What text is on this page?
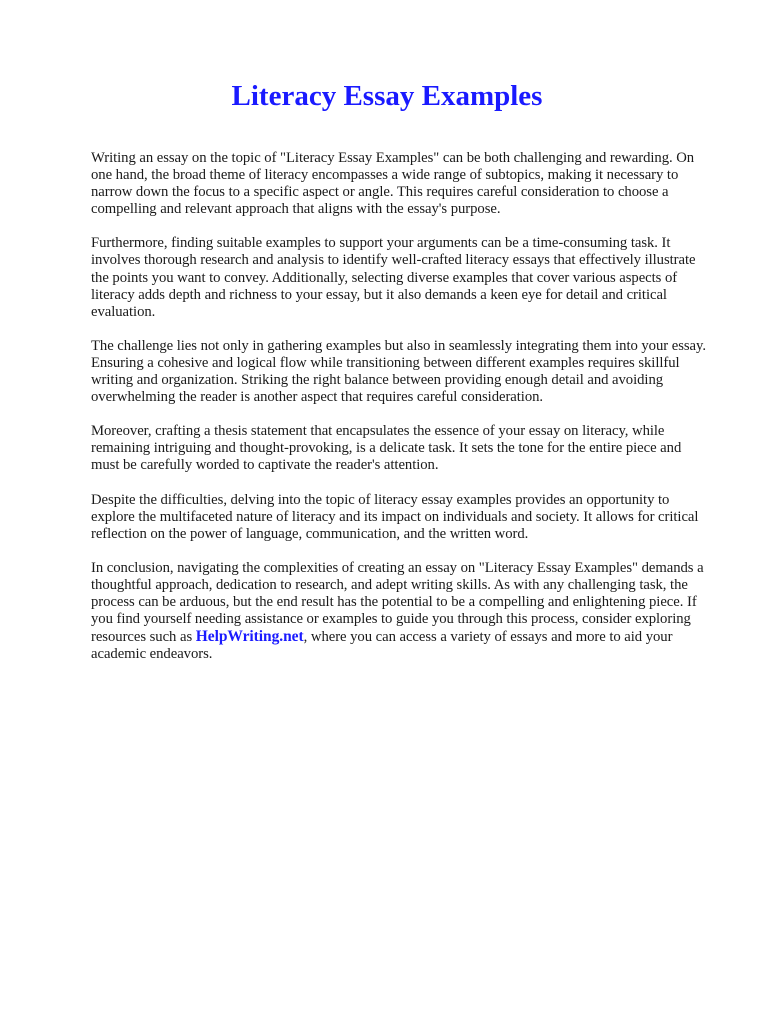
Literacy Essay Examples

Writing an essay on the topic of "Literacy Essay Examples" can be both challenging and rewarding. On one hand, the broad theme of literacy encompasses a wide range of subtopics, making it necessary to narrow down the focus to a specific aspect or angle. This requires careful consideration to choose a compelling and relevant approach that aligns with the essay's purpose.

Furthermore, finding suitable examples to support your arguments can be a time-consuming task. It involves thorough research and analysis to identify well-crafted literacy essays that effectively illustrate the points you want to convey. Additionally, selecting diverse examples that cover various aspects of literacy adds depth and richness to your essay, but it also demands a keen eye for detail and critical evaluation.

The challenge lies not only in gathering examples but also in seamlessly integrating them into your essay. Ensuring a cohesive and logical flow while transitioning between different examples requires skillful writing and organization. Striking the right balance between providing enough detail and avoiding overwhelming the reader is another aspect that requires careful consideration.

Moreover, crafting a thesis statement that encapsulates the essence of your essay on literacy, while remaining intriguing and thought-provoking, is a delicate task. It sets the tone for the entire piece and must be carefully worded to captivate the reader's attention.

Despite the difficulties, delving into the topic of literacy essay examples provides an opportunity to explore the multifaceted nature of literacy and its impact on individuals and society. It allows for critical reflection on the power of language, communication, and the written word.

In conclusion, navigating the complexities of creating an essay on "Literacy Essay Examples" demands a thoughtful approach, dedication to research, and adept writing skills. As with any challenging task, the process can be arduous, but the end result has the potential to be a compelling and enlightening piece. If you find yourself needing assistance or examples to guide you through this process, consider exploring resources such as HelpWriting.net, where you can access a variety of essays and more to aid your academic endeavors.
